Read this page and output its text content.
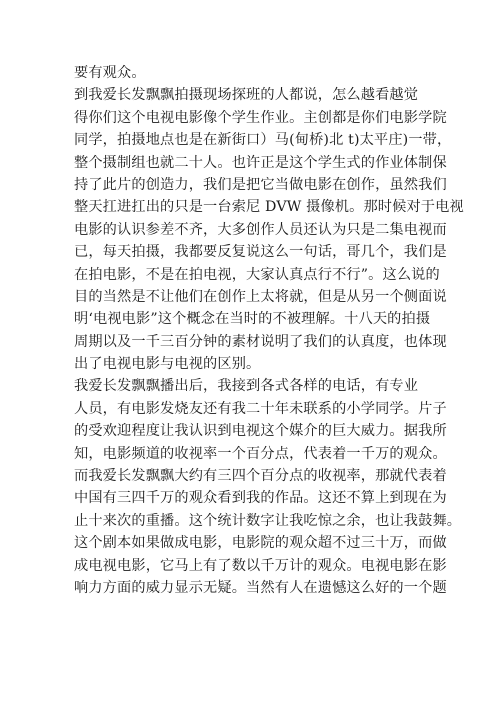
要有观众。
到我爱长发飘飘拍摄现场探班的人都说，怎么越看越觉
得你们这个电视电影像个学生作业。主创都是你们电影学院
同学，拍摄地点也是在新街口）马(甸桥)北 t)太平庄)一带，
整个摄制组也就二十人。也许正是这个学生式的作业体制保
持了此片的创造力，我们是把它当做电影在创作，虽然我们
整天扛进扛出的只是一台索尼 DVW 摄像机。那时候对于电视
电影的认识参差不齐，大多创作人员还认为只是二集电视而
已，每天拍摄，我都要反复说这么一句话，哥几个，我们是
在拍电影，不是在拍电视，大家认真点行不行”。这么说的
目的当然是不让他们在创作上太将就，但是从另一个侧面说
明‘电视电影”这个概念在当时的不被理解。十八天的拍摄
周期以及一千三百分钟的素材说明了我们的认真度，也体现
出了电视电影与电视的区别。
我爱长发飘飘播出后，我接到各式各样的电话，有专业
人员，有电影发烧友还有我二十年未联系的小学同学。片子
的受欢迎程度让我认识到电视这个媒介的巨大威力。据我所
知，电影频道的收视率一个百分点，代表着一千万的观众。
而我爱长发飘飘大约有三四个百分点的收视率，那就代表着
中国有三四千万的观众看到我的作品。这还不算上到现在为
止十来次的重播。这个统计数字让我吃惊之余，也让我鼓舞。
这个剧本如果做成电影，电影院的观众超不过三十万，而做
成电视电影，它马上有了数以千万计的观众。电视电影在影
响力方面的威力显示无疑。当然有人在遗憾这么好的一个题
